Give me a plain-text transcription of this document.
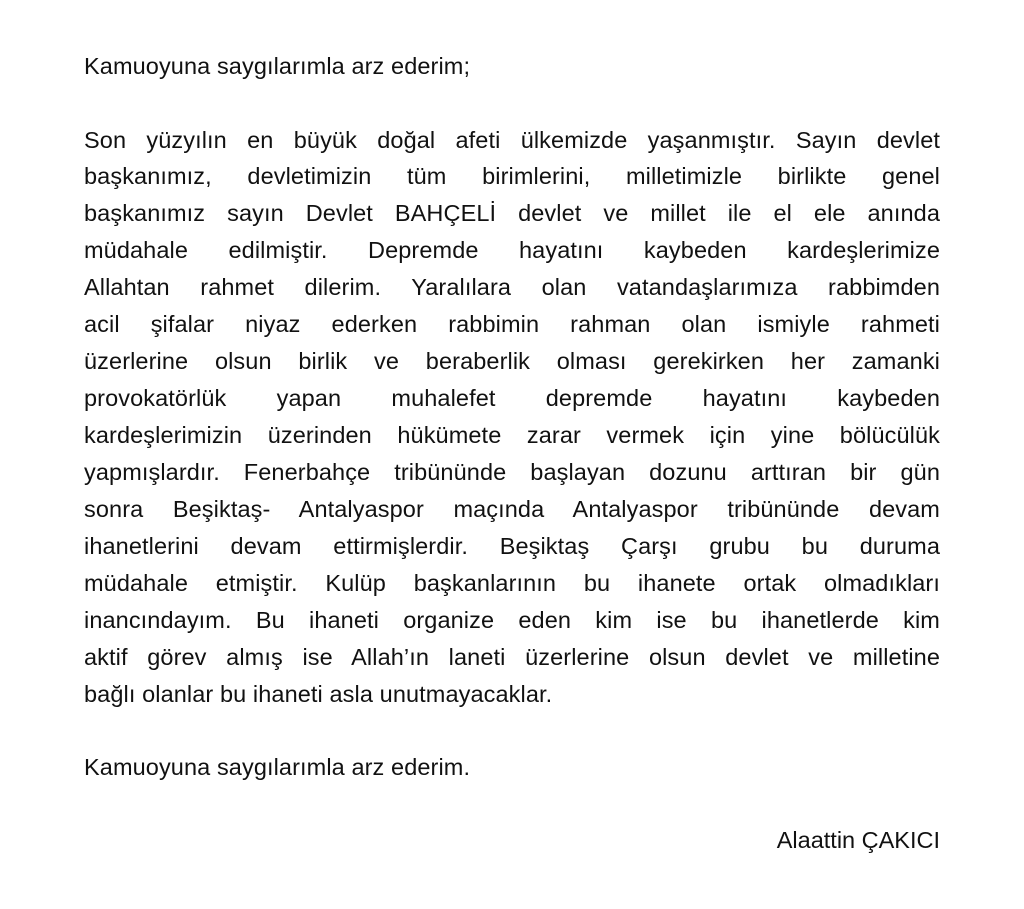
Kamuoyuna saygılarımla arz ederim;
Son yüzyılın en büyük doğal afeti ülkemizde yaşanmıştır. Sayın devlet
başkanımız, devletimizin tüm birimlerini, milletimizle birlikte genel
başkanımız sayın Devlet BAHÇELİ devlet ve millet ile el ele anında
müdahale edilmiştir. Depremde hayatını kaybeden kardeşlerimize
Allahtan rahmet dilerim. Yaralılara olan vatandaşlarımıza rabbimden
acil şifalar niyaz ederken rabbimin rahman olan ismiyle rahmeti
üzerlerine olsun birlik ve beraberlik olması gerekirken her zamanki
provokatörlük yapan muhalefet depremde hayatını kaybeden
kardeşlerimizin üzerinden hükümete zarar vermek için yine bölücülük
yapmışlardır. Fenerbahçe tribününde başlayan dozunu arttıran bir gün
sonra Beşiktaş- Antalyaspor maçında Antalyaspor tribününde devam
ihanetlerini devam ettirmişlerdir. Beşiktaş Çarşı grubu bu duruma
müdahale etmiştir. Kulüp başkanlarının bu ihanete ortak olmadıkları
inancındayım. Bu ihaneti organize eden kim ise bu ihanetlerde kim
aktif görev almış ise Allah’ın laneti üzerlerine olsun devlet ve milletine
bağlı olanlar bu ihaneti asla unutmayacaklar.
Kamuoyuna saygılarımla arz ederim.
Alaattin ÇAKICI
